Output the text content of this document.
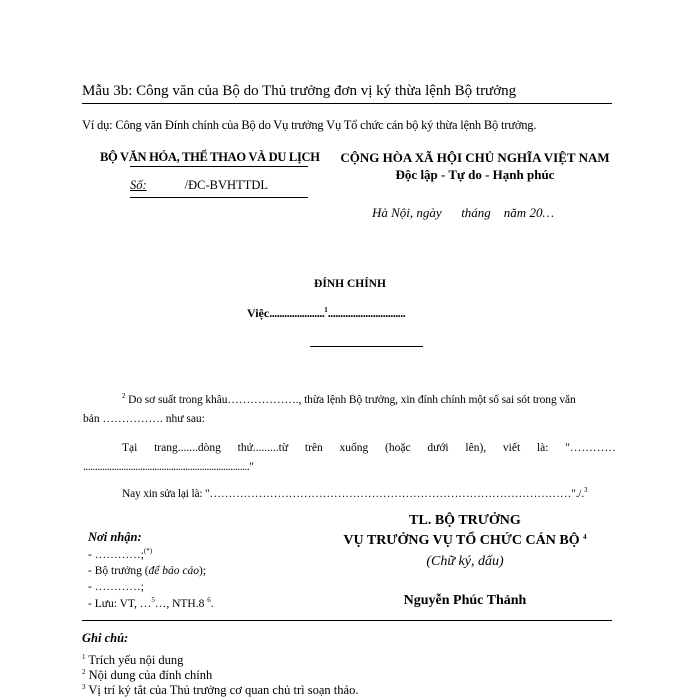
Mẫu 3b: Công văn của Bộ do Thủ trưởng đơn vị ký thừa lệnh Bộ trưởng
Ví dụ: Công văn Đính chính của Bộ do Vụ trưởng Vụ Tổ chức cán bộ ký thừa lệnh Bộ trưởng.
BỘ VĂN HÓA, THỂ THAO VÀ DU LỊCH
Số:	/ĐC-BVHTTDL
CỘNG HÒA XÃ HỘI CHỦ NGHĨA VIỆT NAM
Độc lập - Tự do - Hạnh phúc
Hà Nội, ngày      tháng    năm 20…
ĐÍNH CHÍNH
Việc......................$^1$...............................
$^2$ Do sơ suất trong khâu………………., thừa lệnh Bộ trưởng, xin đính chính một số sai sót trong văn
bản ……………. như sau:
Tại trang.......dòng thứ.........từ trên xuống (hoặc dưới lên), viết là: "…………
......................................................................"
Nay xin sửa lại là: "……………………………………………………………………………………"./.$^3$
Nơi nhận:
- …………;(*)
- Bộ trưởng (để báo cáo);
- …………;
- Lưu: VT, …$^5$…, NTH.8 $^6$.
TL. BỘ TRƯỞNG
VỤ TRƯỞNG VỤ TỔ CHỨC CÁN BỘ $^4$
(Chữ ký, dấu)
Nguyễn Phúc Thảnh
Ghi chú:
$^1$ Trích yếu nội dung
$^2$ Nội dung của đính chính
$^3$ Vị trí ký tắt của Thủ trưởng cơ quan chủ trì soạn thảo.
